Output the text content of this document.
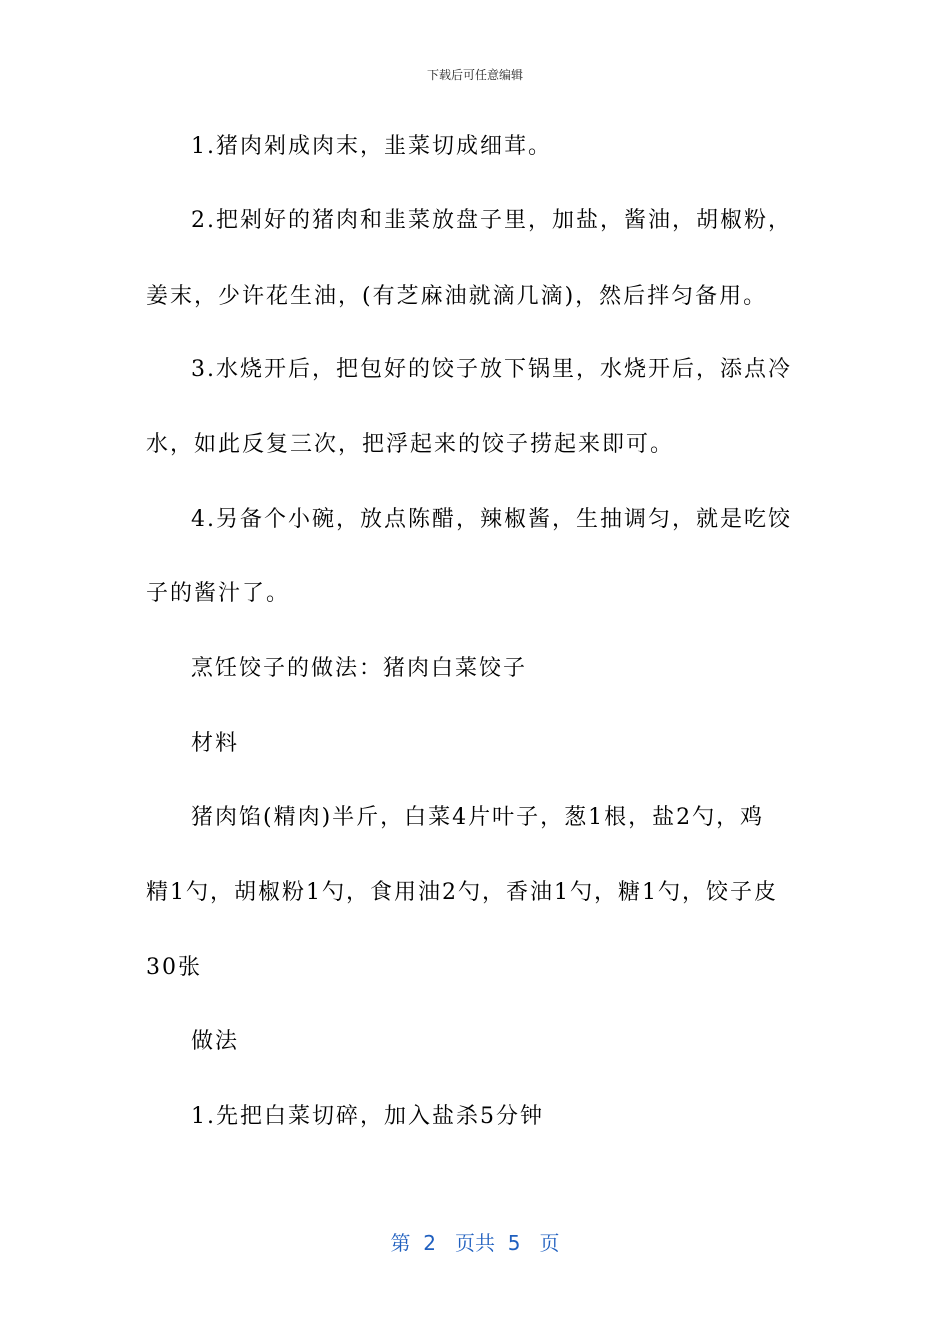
下载后可任意编辑
1.猪肉剁成肉末，韭菜切成细茸。
2.把剁好的猪肉和韭菜放盘子里，加盐，酱油，胡椒粉，
姜末，少许花生油，(有芝麻油就滴几滴)，然后拌匀备用。
3.水烧开后，把包好的饺子放下锅里，水烧开后，添点冷
水，如此反复三次，把浮起来的饺子捞起来即可。
4.另备个小碗，放点陈醋，辣椒酱，生抽调匀，就是吃饺
子的酱汁了。
烹饪饺子的做法：猪肉白菜饺子
材料
猪肉馅(精肉)半斤，白菜4片叶子，葱1根，盐2勺，鸡
精1勺，胡椒粉1勺，食用油2勺，香油1勺，糖1勺，饺子皮
30张
做法
1.先把白菜切碎，加入盐杀5分钟
第  2   页共  5   页
